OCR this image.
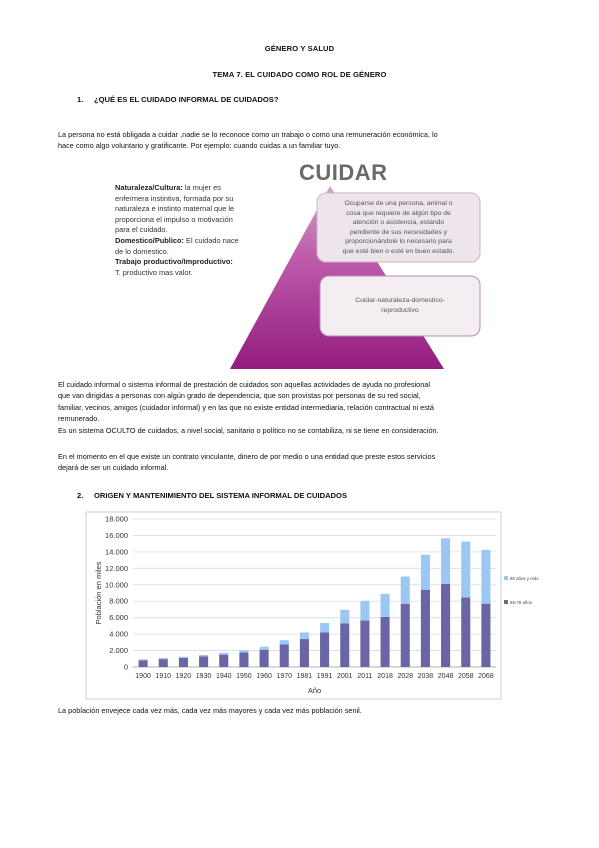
GÉNERO Y SALUD
TEMA 7. EL CUIDADO COMO ROL DE GÉNERO
1. ¿QUÉ ES EL CUIDADO INFORMAL DE CUIDADOS?
La persona no está obligada a cuidar ,nadie se lo reconoce como un trabajo o como una remuneración económica, lo
hace como algo voluntario y gratificante. Por ejemplo: cuando cuidas a un familiar tuyo.
CUIDAR
Naturaleza/Cultura: la mujer es
enfermera instintiva, formada por su
naturaleza e instinto maternal que le
proporciona el impulso o motivación
para el cuidado.
Domestico/Publico: El cuidado nace
de lo domestico.
Trabajo productivo/Improductivo:
T. productivo mas valor.
Ocuparse de una persona, animal o
cosa que requiere de algún tipo de
atención o asistencia, estando
pendiente de sus necesidades y
proporcionándole lo necesario para
que esté bien o esté en buen estado.
Cuidar-naturaleza-domestico-
reproductivo
El cuidado informal o sistema informal de prestación de cuidados son aquellas actividades de ayuda no profesional
que van dirigidas a personas con algún grado de dependencia, que son provistas por personas de su red social,
familiar, vecinos, amigos (cuidador informal) y en las que no existe entidad intermediaria, relación contractual ni está
remunerado.
Es un sistema OCULTO de cuidados, a nivel social, sanitario o político no se contabiliza, ni se tiene en consideración.
En el momento en el que existe un contrato vinculante, dinero de por medio o una entidad que preste estos servicios
dejará de ser un cuidado informal.
2. ORIGEN Y MANTENIMIENTO DEL SISTEMA INFORMAL DE CUIDADOS
0
2.000
4.000
6.000
8.000
10.000
12.000
14.000
16.000
18.000
1900 1910 1920 1930 1940 1950 1960 1970 1981 1991 2001 2011 2018 2028 2038 2048 2058 2068
Población en miles
Año
80 años y más
65-79 años
La población envejece cada vez más, cada vez más mayores y cada vez más población senil.
